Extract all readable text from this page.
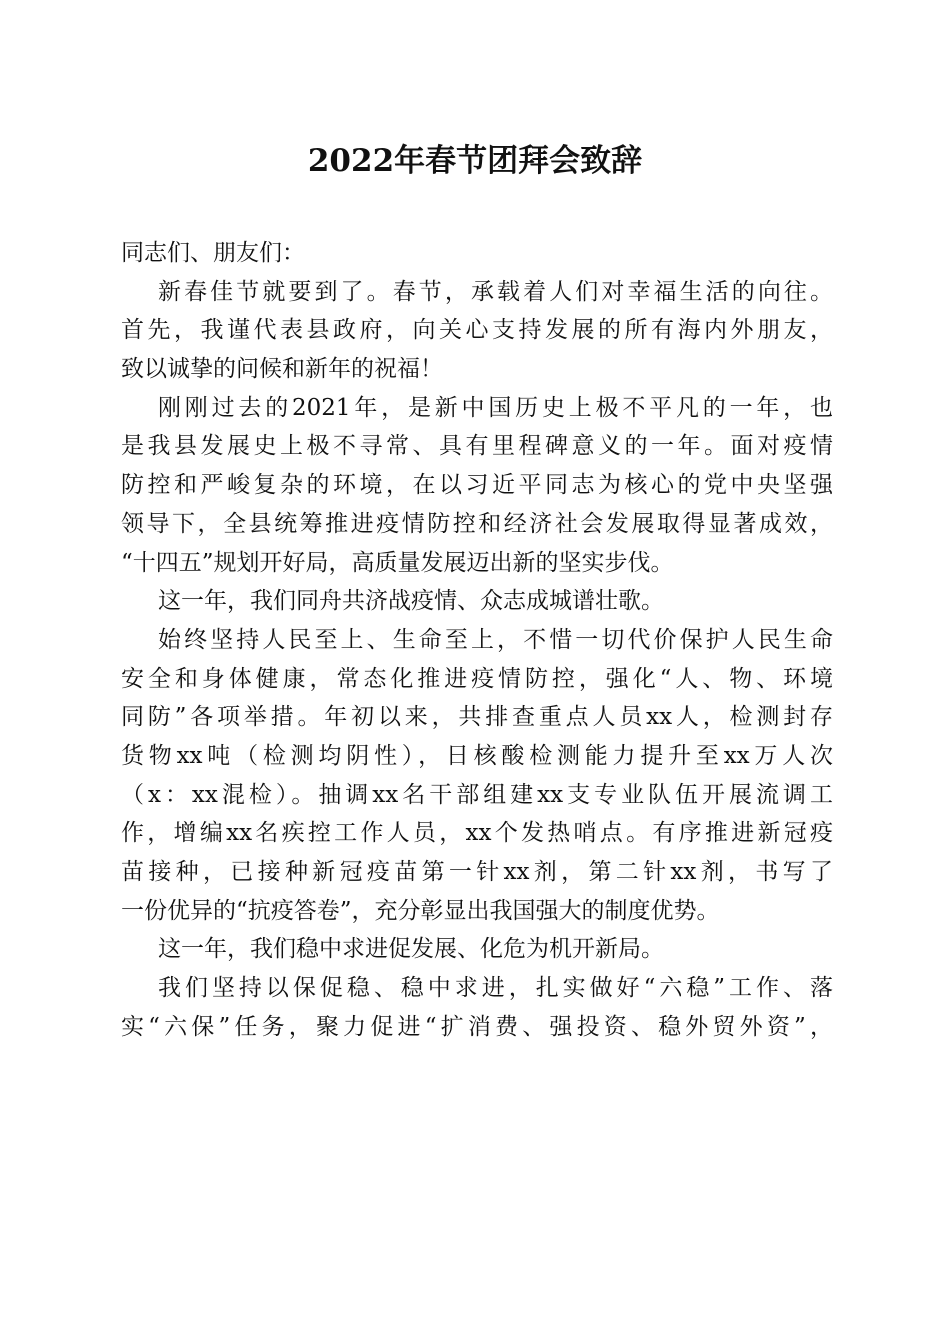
2022年春节团拜会致辞
同志们、朋友们：
新春佳节就要到了。春节，承载着人们对幸福生活的向往。
首先，我谨代表县政府，向关心支持发展的所有海内外朋友，
致以诚挚的问候和新年的祝福！
刚刚过去的2021年，是新中国历史上极不平凡的一年，也
是我县发展史上极不寻常、具有里程碑意义的一年。面对疫情
防控和严峻复杂的环境，在以习近平同志为核心的党中央坚强
领导下，全县统筹推进疫情防控和经济社会发展取得显著成效，
“十四五”规划开好局，高质量发展迈出新的坚实步伐。
这一年，我们同舟共济战疫情、众志成城谱壮歌。
始终坚持人民至上、生命至上，不惜一切代价保护人民生命
安全和身体健康，常态化推进疫情防控，强化“人、物、环境
同防”各项举措。年初以来，共排查重点人员xx人，检测封存
货物xx吨（检测均阴性），日核酸检测能力提升至xx万人次
（x：xx混检）。抽调xx名干部组建xx支专业队伍开展流调工
作，增编xx名疾控工作人员，xx个发热哨点。有序推进新冠疫
苗接种，已接种新冠疫苗第一针xx剂，第二针xx剂，书写了
一份优异的“抗疫答卷”，充分彰显出我国强大的制度优势。
这一年，我们稳中求进促发展、化危为机开新局。
我们坚持以保促稳、稳中求进，扎实做好“六稳”工作、落
实“六保”任务，聚力促进“扩消费、强投资、稳外贸外资”，
